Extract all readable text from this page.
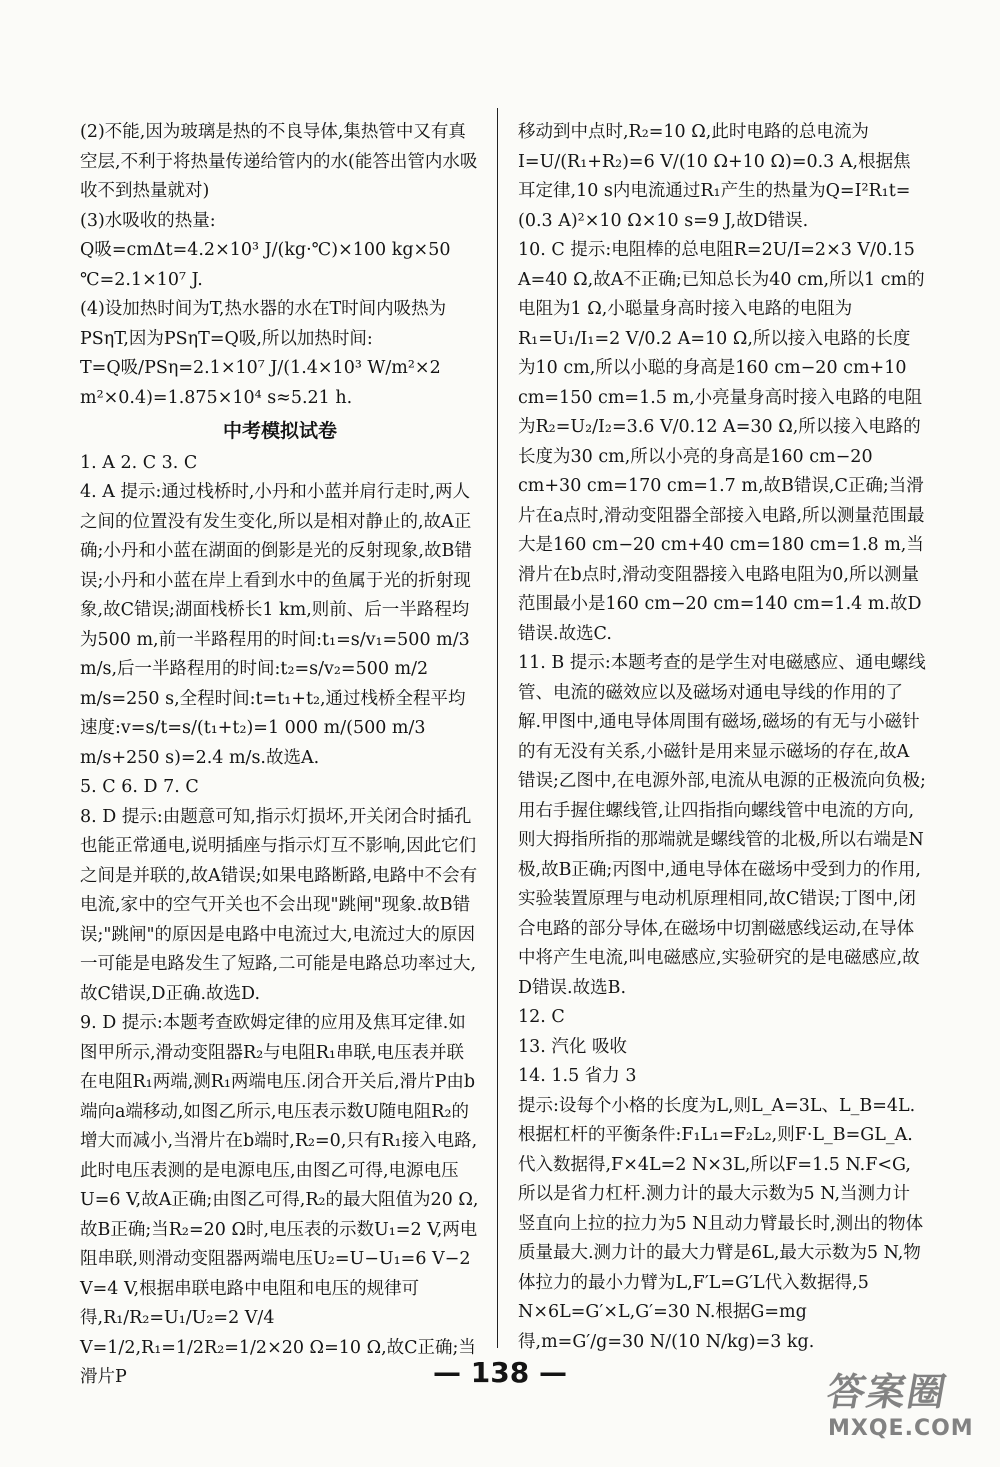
(2)不能,因为玻璃是热的不良导体,集热管中又有真空层,不利于将热量传递给管内的水(能答出管内水吸收不到热量就对)
(3)水吸收的热量:
Q吸=cmΔt=4.2×10³ J/(kg·℃)×100 kg×50 ℃=2.1×10⁷ J.
(4)设加热时间为T,热水器的水在T时间内吸热为PSηT,因为PSηT=Q吸,所以加热时间:
T=Q吸/PSη=2.1×10⁷ J/(1.4×10³ W/m²×2 m²×0.4)=1.875×10⁴ s≈5.21 h.
中考模拟试卷
1. A 2. C 3. C
4. A 提示:通过栈桥时,小丹和小蓝并肩行走时,两人之间的位置没有发生变化,所以是相对静止的,故A正确;小丹和小蓝在湖面的倒影是光的反射现象,故B错误;小丹和小蓝在岸上看到水中的鱼属于光的折射现象,故C错误;湖面栈桥长1 km,则前、后一半路程均为500 m,前一半路程用的时间:t₁=s/v₁=500 m/3 m/s,后一半路程用的时间:t₂=s/v₂=500 m/2 m/s=250 s,全程时间:t=t₁+t₂,通过栈桥全程平均速度:v=s/t=s/(t₁+t₂)=1 000 m/(500 m/3 m/s+250 s)=2.4 m/s.故选A.
5. C 6. D 7. C
8. D 提示:由题意可知,指示灯损坏,开关闭合时插孔也能正常通电,说明插座与指示灯互不影响,因此它们之间是并联的,故A错误;如果电路断路,电路中不会有电流,家中的空气开关也不会出现"跳闸"现象.故B错误;"跳闸"的原因是电路中电流过大,电流过大的原因一可能是电路发生了短路,二可能是电路总功率过大,故C错误,D正确.故选D.
9. D 提示:本题考查欧姆定律的应用及焦耳定律.如图甲所示,滑动变阻器R₂与电阻R₁串联,电压表并联在电阻R₁两端,测R₁两端电压.闭合开关后,滑片P由b端向a端移动,如图乙所示,电压表示数U随电阻R₂的增大而减小,当滑片在b端时,R₂=0,只有R₁接入电路,此时电压表测的是电源电压,由图乙可得,电源电压U=6 V,故A正确;由图乙可得,R₂的最大阻值为20 Ω,故B正确;当R₂=20 Ω时,电压表的示数U₁=2 V,两电阻串联,则滑动变阻器两端电压U₂=U−U₁=6 V−2 V=4 V,根据串联电路中电阻和电压的规律可得,R₁/R₂=U₁/U₂=2 V/4 V=1/2,R₁=1/2R₂=1/2×20 Ω=10 Ω,故C正确;当滑片P
移动到中点时,R₂=10 Ω,此时电路的总电流为I=U/(R₁+R₂)=6 V/(10 Ω+10 Ω)=0.3 A,根据焦耳定律,10 s内电流通过R₁产生的热量为Q=I²R₁t=(0.3 A)²×10 Ω×10 s=9 J,故D错误.
10. C 提示:电阻棒的总电阻R=2U/I=2×3 V/0.15 A=40 Ω,故A不正确;已知总长为40 cm,所以1 cm的电阻为1 Ω,小聪量身高时接入电路的电阻为R₁=U₁/I₁=2 V/0.2 A=10 Ω,所以接入电路的长度为10 cm,所以小聪的身高是160 cm−20 cm+10 cm=150 cm=1.5 m,小亮量身高时接入电路的电阻为R₂=U₂/I₂=3.6 V/0.12 A=30 Ω,所以接入电路的长度为30 cm,所以小亮的身高是160 cm−20 cm+30 cm=170 cm=1.7 m,故B错误,C正确;当滑片在a点时,滑动变阻器全部接入电路,所以测量范围最大是160 cm−20 cm+40 cm=180 cm=1.8 m,当滑片在b点时,滑动变阻器接入电路电阻为0,所以测量范围最小是160 cm−20 cm=140 cm=1.4 m.故D错误.故选C.
11. B 提示:本题考查的是学生对电磁感应、通电螺线管、电流的磁效应以及磁场对通电导线的作用的了解.甲图中,通电导体周围有磁场,磁场的有无与小磁针的有无没有关系,小磁针是用来显示磁场的存在,故A错误;乙图中,在电源外部,电流从电源的正极流向负极;用右手握住螺线管,让四指指向螺线管中电流的方向,则大拇指所指的那端就是螺线管的北极,所以右端是N极,故B正确;丙图中,通电导体在磁场中受到力的作用,实验装置原理与电动机原理相同,故C错误;丁图中,闭合电路的部分导体,在磁场中切割磁感线运动,在导体中将产生电流,叫电磁感应,实验研究的是电磁感应,故D错误.故选B.
12. C
13. 汽化 吸收
14. 1.5 省力 3
提示:设每个小格的长度为L,则L_A=3L、L_B=4L.根据杠杆的平衡条件:F₁L₁=F₂L₂,则F·L_B=GL_A.代入数据得,F×4L=2 N×3L,所以F=1.5 N.F<G,所以是省力杠杆.测力计的最大示数为5 N,当测力计竖直向上拉的拉力为5 N且动力臂最长时,测出的物体质量最大.测力计的最大力臂是6L,最大示数为5 N,物体拉力的最小力臂为L,F′L=G′L代入数据得,5 N×6L=G′×L,G′=30 N.根据G=mg得,m=G′/g=30 N/(10 N/kg)=3 kg.
— 138 —	答案圈
MXQE.COM
